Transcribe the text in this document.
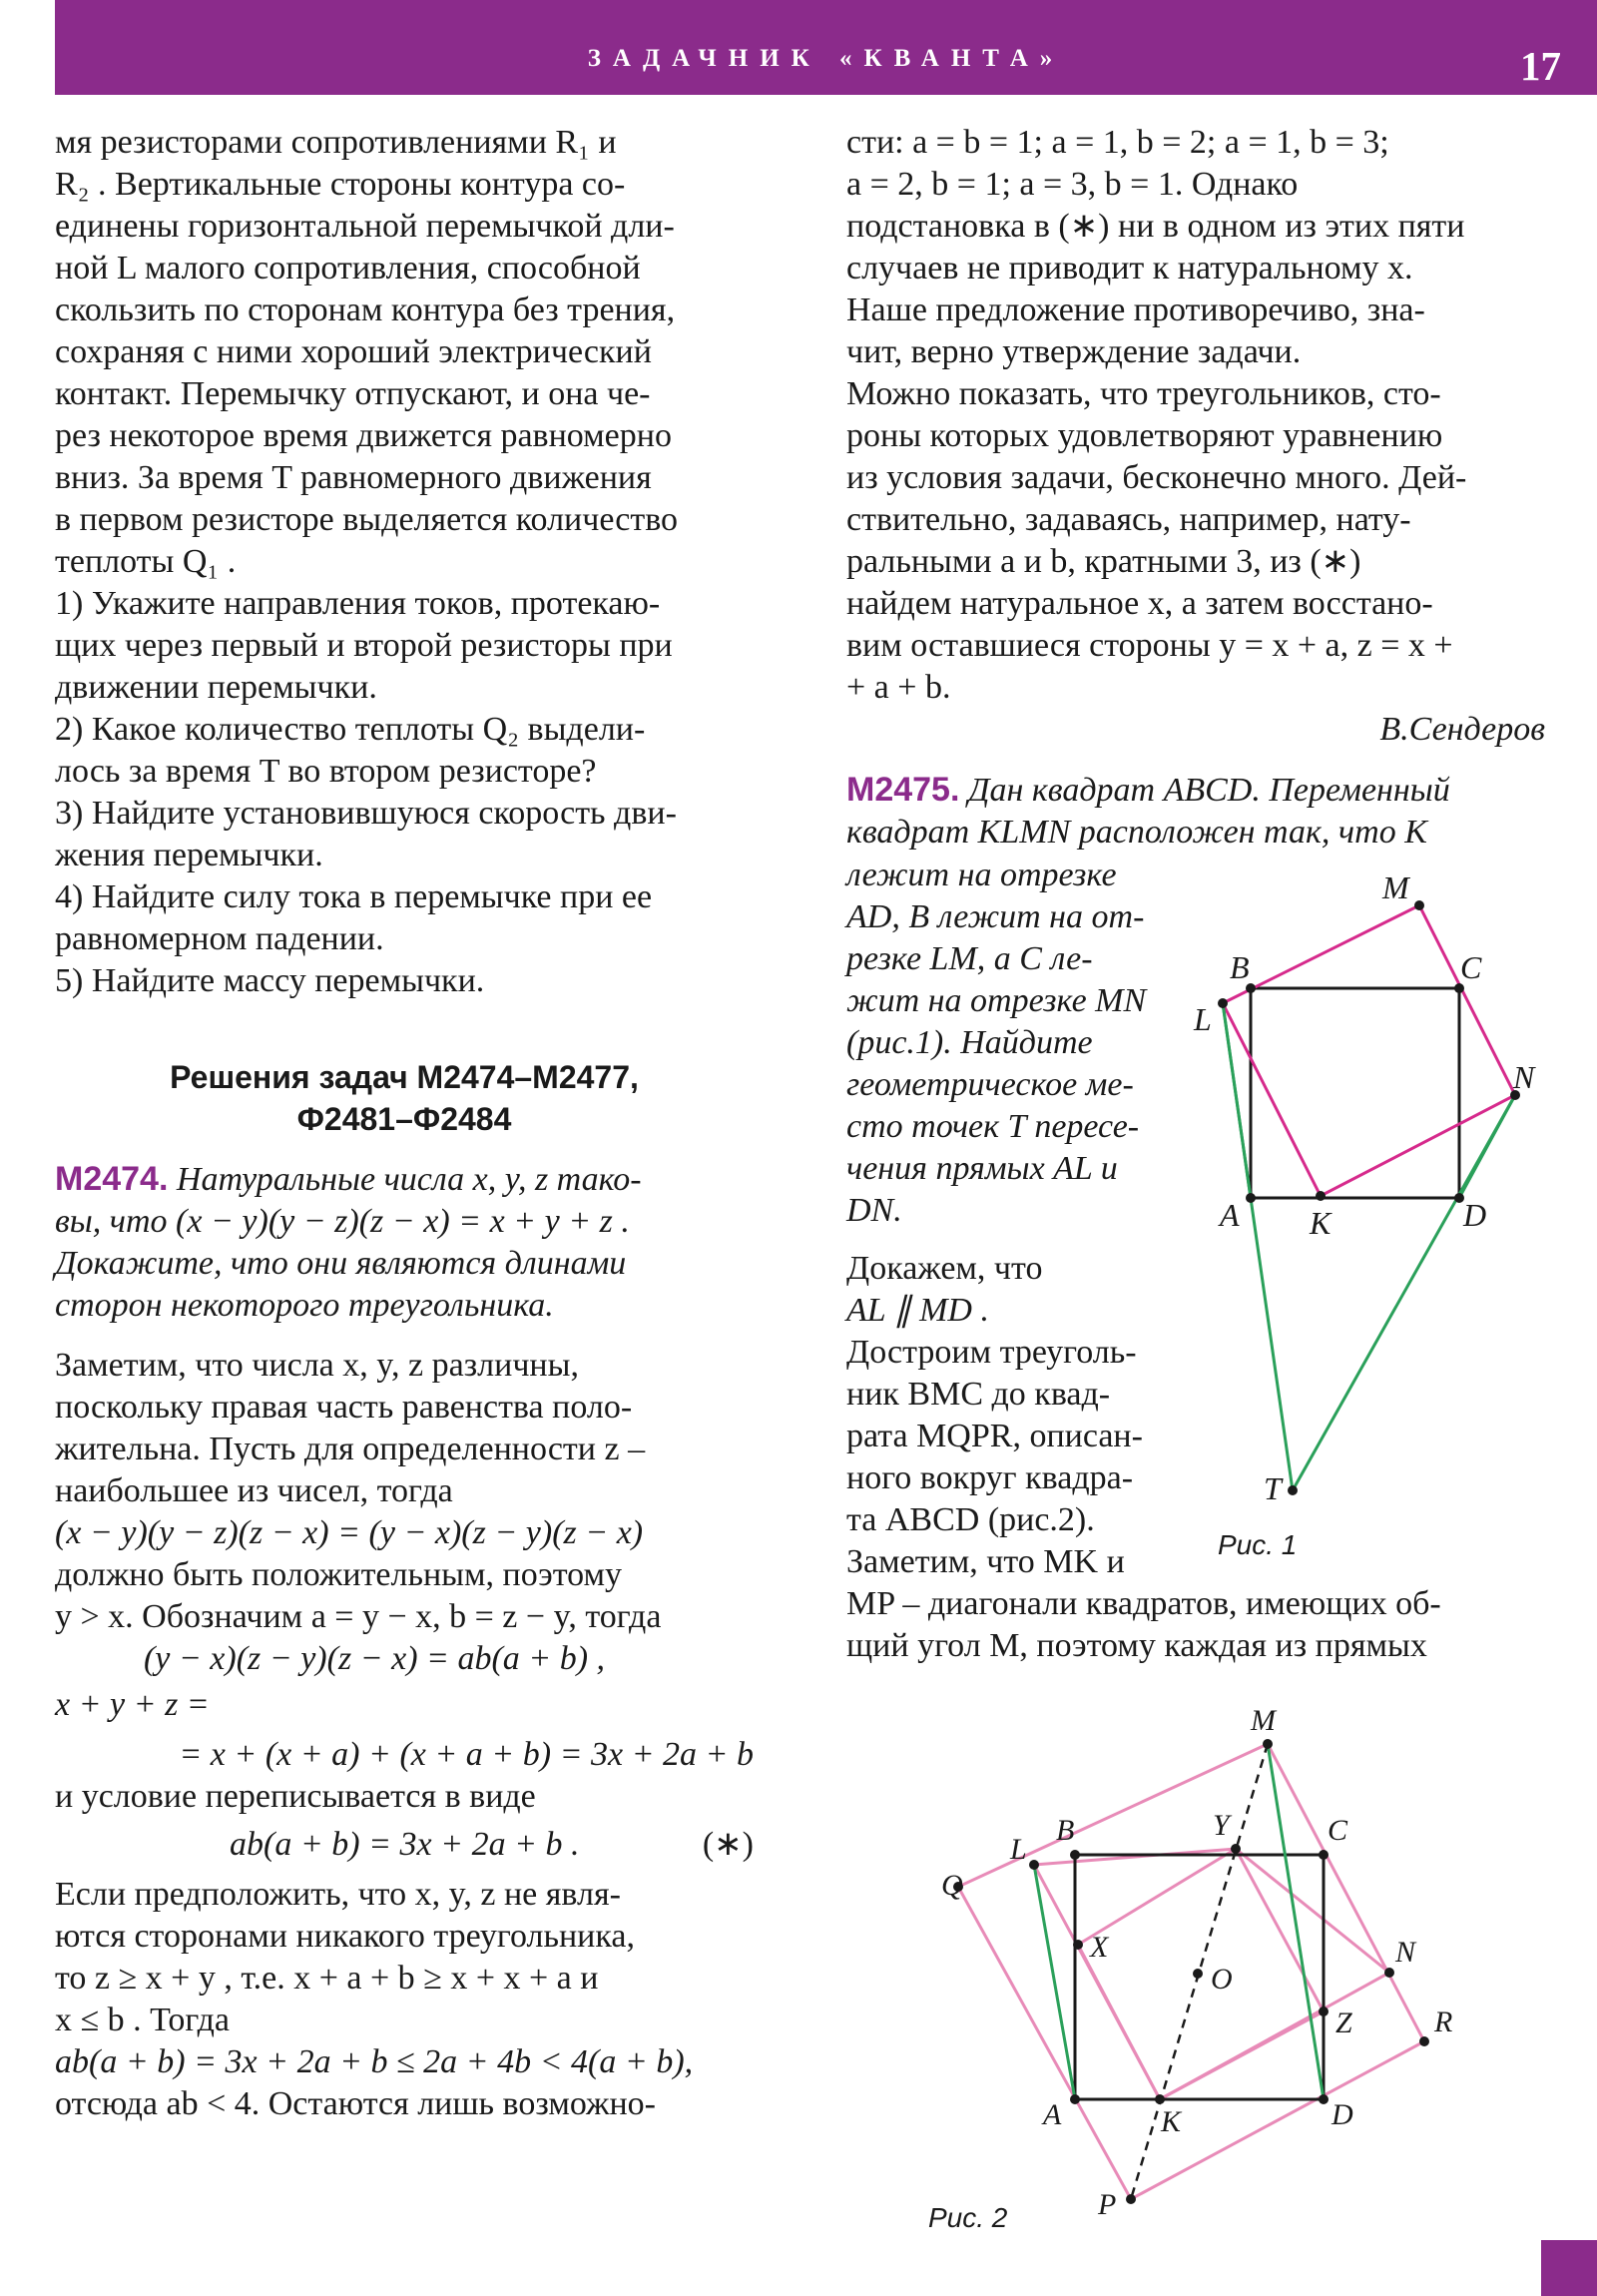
ЗАДАЧНИК «КВАНТА»	17
мя резисторами сопротивлениями R₁ и
R₂ . Вертикальные стороны контура со-
единены горизонтальной перемычкой дли-
ной L малого сопротивления, способной
скользить по сторонам контура без трения,
сохраняя с ними хороший электрический
контакт. Перемычку отпускают, и она че-
рез некоторое время движется равномерно
вниз. За время T равномерного движения
в первом резисторе выделяется количество
теплоты Q₁ .
1) Укажите направления токов, протекаю-
щих через первый и второй резисторы при
движении перемычки.
2) Какое количество теплоты Q₂ выдели-
лось за время T во втором резисторе?
3) Найдите установившуюся скорость дви-
жения перемычки.
4) Найдите силу тока в перемычке при ее
равномерном падении.
5) Найдите массу перемычки.
Решения задач М2474–М2477,
Ф2481–Ф2484
М2474. Натуральные числа x, y, z тако-
вы, что (x − y)(y − z)(z − x) = x + y + z .
Докажите, что они являются длинами
сторон некоторого треугольника.
Заметим, что числа x, y, z различны,
поскольку правая часть равенства поло-
жительна. Пусть для определенности z –
наибольшее из чисел, тогда
(x − y)(y − z)(z − x) = (y − x)(z − y)(z − x)
должно быть положительным, поэтому
y > x. Обозначим a = y − x, b = z − y, тогда
(y − x)(z − y)(z − x) = ab(a + b) ,
x + y + z =
= x + (x + a) + (x + a + b) = 3x + 2a + b
и условие переписывается в виде
ab(a + b) = 3x + 2a + b .	(∗)
Если предположить, что x, y, z не явля-
ются сторонами никакого треугольника,
то z ≥ x + y , т.е. x + a + b ≥ x + x + a и
x ≤ b . Тогда
ab(a + b) = 3x + 2a + b ≤ 2a + 4b < 4(a + b),
отсюда ab < 4. Остаются лишь возможно-
сти: a = b = 1; a = 1, b = 2; a = 1, b = 3;
a = 2, b = 1; a = 3, b = 1. Однако
подстановка в (∗) ни в одном из этих пяти
случаев не приводит к натуральному x.
Наше предложение противоречиво, зна-
чит, верно утверждение задачи.
Можно показать, что треугольников, сто-
роны которых удовлетворяют уравнению
из условия задачи, бесконечно много. Дей-
ствительно, задаваясь, например, нату-
ральными a и b, кратными 3, из (∗)
найдем натуральное x, а затем восстано-
вим оставшиеся стороны y = x + a, z = x +
+ a + b.
В.Сендеров
М2475. Дан квадрат ABCD. Переменный
квадрат KLMN расположен так, что K
лежит на отрезке
AD, B лежит на от-
резке LM, а C ле-
жит на отрезке MN
(рис.1). Найдите
геометрическое ме-
сто точек T пересе-
чения прямых AL и
DN.
Докажем, что
AL ∥ MD .
Достроим треуголь-
ник BMC до квад-
рата MQPR, описан-
ного вокруг квадра-
та ABCD (рис.2).
Заметим, что MK и
MP – диагонали квадратов, имеющих об-
щий угол M, поэтому каждая из прямых
M
B	C
L
N
A K	D
T
Рис. 1
M
B	Y	C
L
Q
X
O
N
Z	R
A	K	D
P
Рис. 2
